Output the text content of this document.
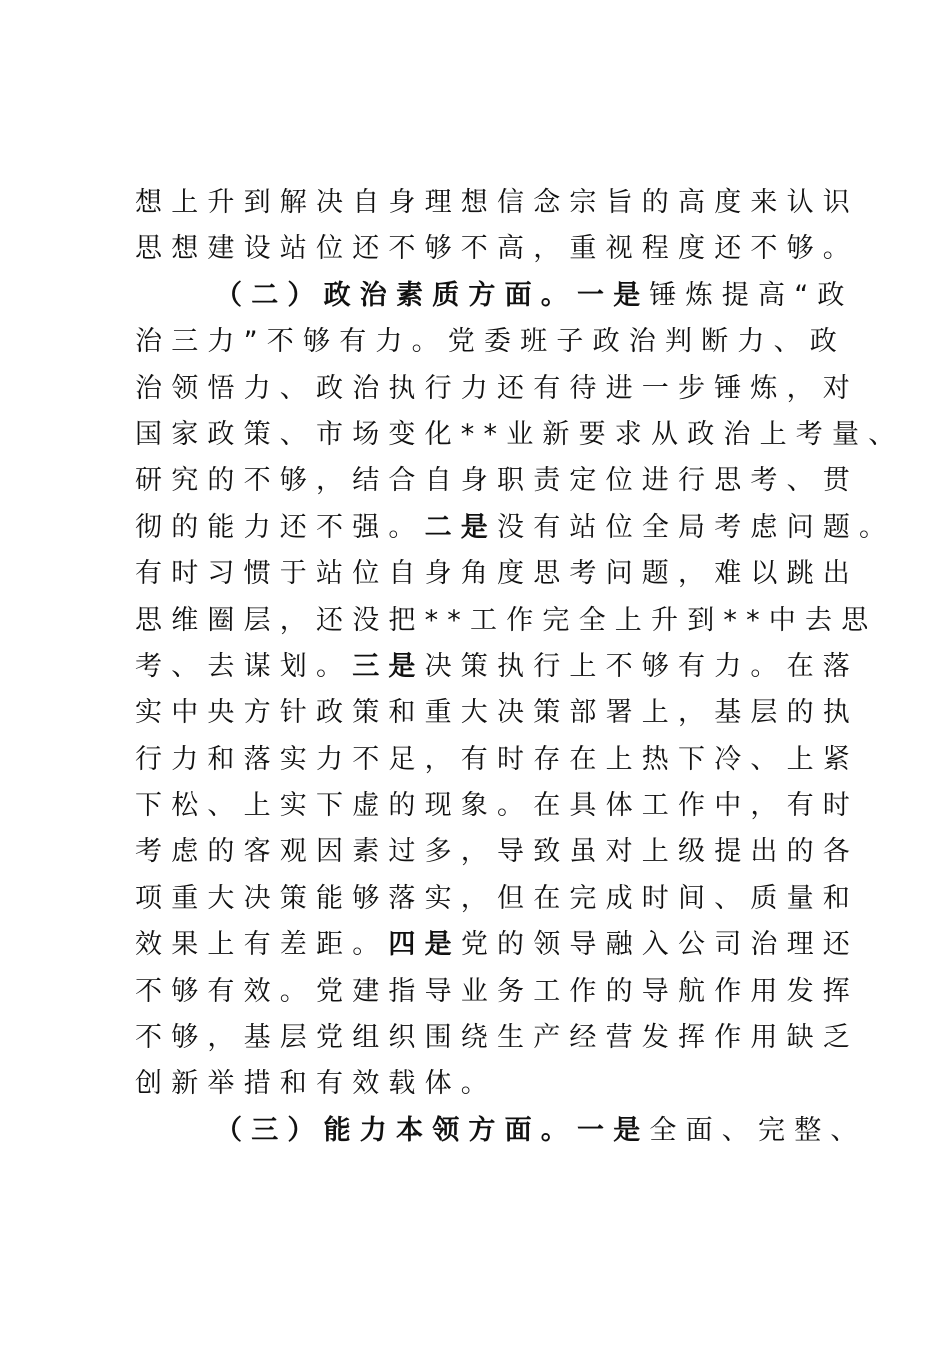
想上升到解决自身理想信念宗旨的高度来认识
思想建设站位还不够不高，重视程度还不够。
（二）政治素质方面。一是锤炼提高“政
治三力”不够有力。党委班子政治判断力、政
治领悟力、政治执行力还有待进一步锤炼，对
国家政策、市场变化**业新要求从政治上考量、
研究的不够，结合自身职责定位进行思考、贯
彻的能力还不强。二是没有站位全局考虑问题。
有时习惯于站位自身角度思考问题，难以跳出
思维圈层，还没把**工作完全上升到**中去思
考、去谋划。三是决策执行上不够有力。在落
实中央方针政策和重大决策部署上，基层的执
行力和落实力不足，有时存在上热下冷、上紧
下松、上实下虚的现象。在具体工作中，有时
考虑的客观因素过多，导致虽对上级提出的各
项重大决策能够落实，但在完成时间、质量和
效果上有差距。四是党的领导融入公司治理还
不够有效。党建指导业务工作的导航作用发挥
不够，基层党组织围绕生产经营发挥作用缺乏
创新举措和有效载体。
（三）能力本领方面。一是全面、完整、
